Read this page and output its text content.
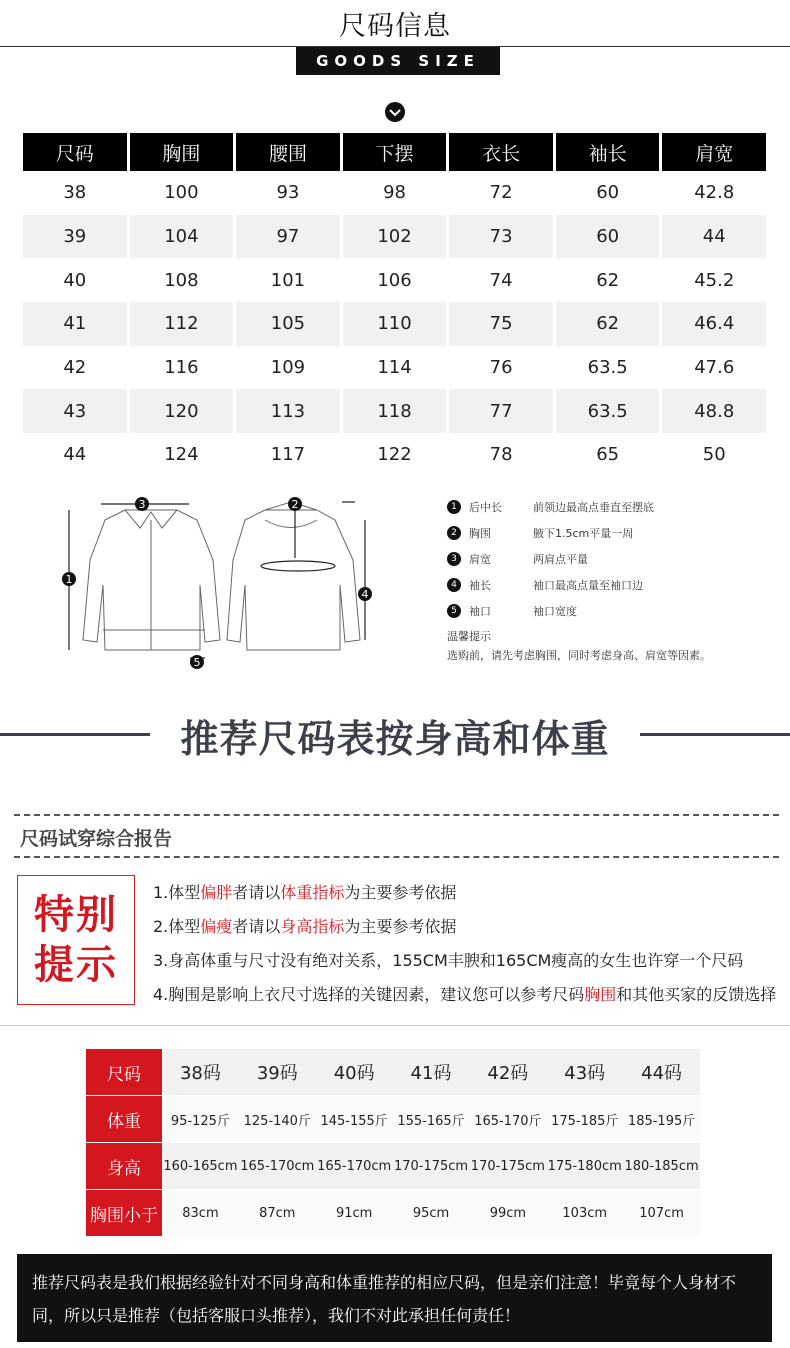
尺码信息
GOODS SIZE
尺码	胸围	腰围	下摆	衣长	袖长	肩宽
38	100	93	98	72	60	42.8
39	104	97	102	73	60	44
40	108	101	106	74	62	45.2
41	112	105	110	75	62	46.4
42	116	109	114	76	63.5	47.6
43	120	113	118	77	63.5	48.8
44	124	117	122	78	65	50
3
1
2
4
5
1	后中长	前领边最高点垂直至摆底
2	胸围	腋下1.5cm平量一周
3	肩宽	两肩点平量
4	袖长	袖口最高点量至袖口边
5	袖口	袖口宽度
温馨提示
选购前，请先考虑胸围，同时考虑身高、肩宽等因素。
推荐尺码表按身高和体重
尺码试穿综合报告
特别
提示
1.体型偏胖者请以体重指标为主要参考依据
2.体型偏瘦者请以身高指标为主要参考依据
3.身高体重与尺寸没有绝对关系，155CM丰腴和165CM瘦高的女生也许穿一个尺码
4.胸围是影响上衣尺寸选择的关键因素，建议您可以参考尺码胸围和其他买家的反馈选择
尺码	38码	39码	40码	41码	42码	43码	44码
体重	95-125斤	125-140斤 145-155斤 155-165斤 165-170斤 175-185斤 185-195斤
身高	160-165cm 165-170cm 165-170cm 170-175cm 170-175cm 175-180cm 180-185cm
胸围小于	83cm	87cm	91cm	95cm	99cm	103cm	107cm
推荐尺码表是我们根据经验针对不同身高和体重推荐的相应尺码，但是亲们注意！毕竟每个人身材不同，所以只是推荐（包括客服口头推荐），我们不对此承担任何责任！
